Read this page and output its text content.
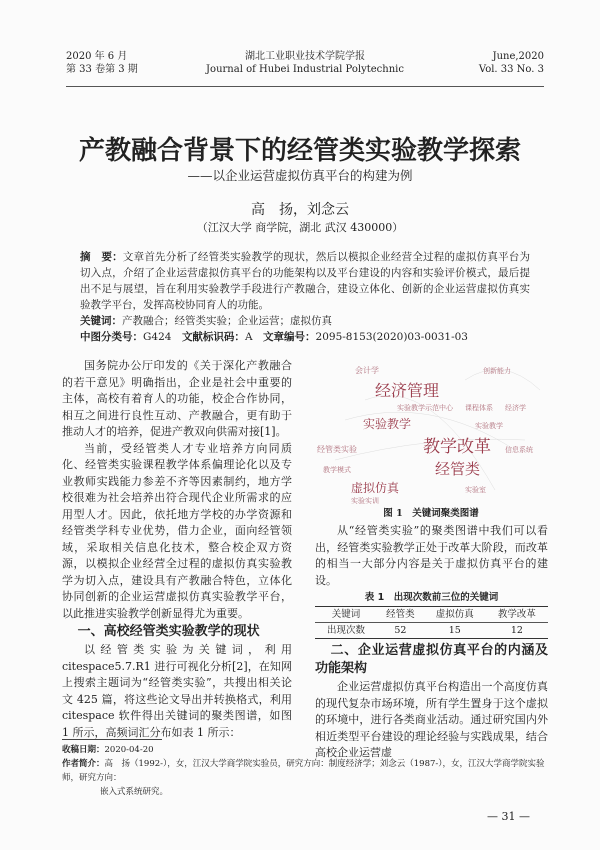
2020 年 6 月
第 33 卷第 3 期
湖北工业职业技术学院学报
Journal of Hubei Industrial Polytechnic
June,2020
Vol. 33 No. 3
产教融合背景下的经管类实验教学探索
——以企业运营虚拟仿真平台的构建为例
高　扬，刘念云
（江汉大学 商学院，湖北 武汉 430000）
摘　要：文章首先分析了经管类实验教学的现状，然后以模拟企业经营全过程的虚拟仿真平台为切入点，介绍了企业运营虚拟仿真平台的功能架构以及平台建设的内容和实验评价模式，最后提出不足与展望，旨在利用实验教学手段进行产教融合，建设立体化、创新的企业运营虚拟仿真实验教学平台，发挥高校协同育人的功能。
关键词：产教融合；经管类实验；企业运营；虚拟仿真
中图分类号：G424  文献标识码：A  文章编号：2095-8153(2020)03-0031-03

国务院办公厅印发的《关于深化产教融合的若干意见》明确指出，企业是社会中重要的主体，高校有着育人的功能，校企合作协同，相互之间进行良性互动、产教融合，更有助于推动人才的培养，促进产教双向供需对接[1]。

当前，受经管类人才专业培养方向同质化、经管类实验课程教学体系偏理论化以及专业教师实践能力参差不齐等因素制约，地方学校很难为社会培养出符合现代企业所需求的应用型人才。因此，依托地方学校的办学资源和经管类学科专业优势，借力企业，面向经管领域，采取相关信息化技术，整合校企双方资源，以模拟企业经营全过程的虚拟仿真实验教学为切入点，建设具有产教融合特色，立体化协同创新的企业运营虚拟仿真实验教学平台，以此推进实验教学创新显得尤为重要。

一、高校经管类实验教学的现状

以经管类实验为关键词，利用 citespace5.7.R1 进行可视化分析[2]，在知网上搜索主题词为“经管类实验”，共搜出相关论文 425 篇，将这些论文导出并转换格式，利用 citespace 软件得出关键词的聚类图谱，如图 1 所示，高频词汇分布如表 1 所示：

经济管理
实验教学
教学改革
实验教学
经管类
虚拟仿真
经管类实验
会计学
实验教学示范中心
实验室
创新能力
实验实训
教学模式
信息系统
课程体系 经济学
图 1　关键词聚类图谱

从“经管类实验”的聚类图谱中我们可以看出，经管类实验教学正处于改革大阶段，而改革的相当一大部分内容是关于虚拟仿真平台的建设。

表 1　出现次数前三位的关键词
关键词	经管类	虚拟仿真	教学改革
出现次数	52	15	12
二、企业运营虚拟仿真平台的内涵及功能架构

企业运营虚拟仿真平台构造出一个高度仿真的现代复杂市场环境，所有学生置身于这个虚拟的环境中，进行各类商业活动。通过研究国内外相近类型平台建设的理论经验与实践成果，结合高校企业运营虚

收稿日期：2020-04-20
作者简介：高　扬（1992-），女，江汉大学商学院实验员，研究方向：制度经济学；刘念云（1987-），女，江汉大学商学院实验师，研究方向：
嵌入式系统研究。
— 31 —
